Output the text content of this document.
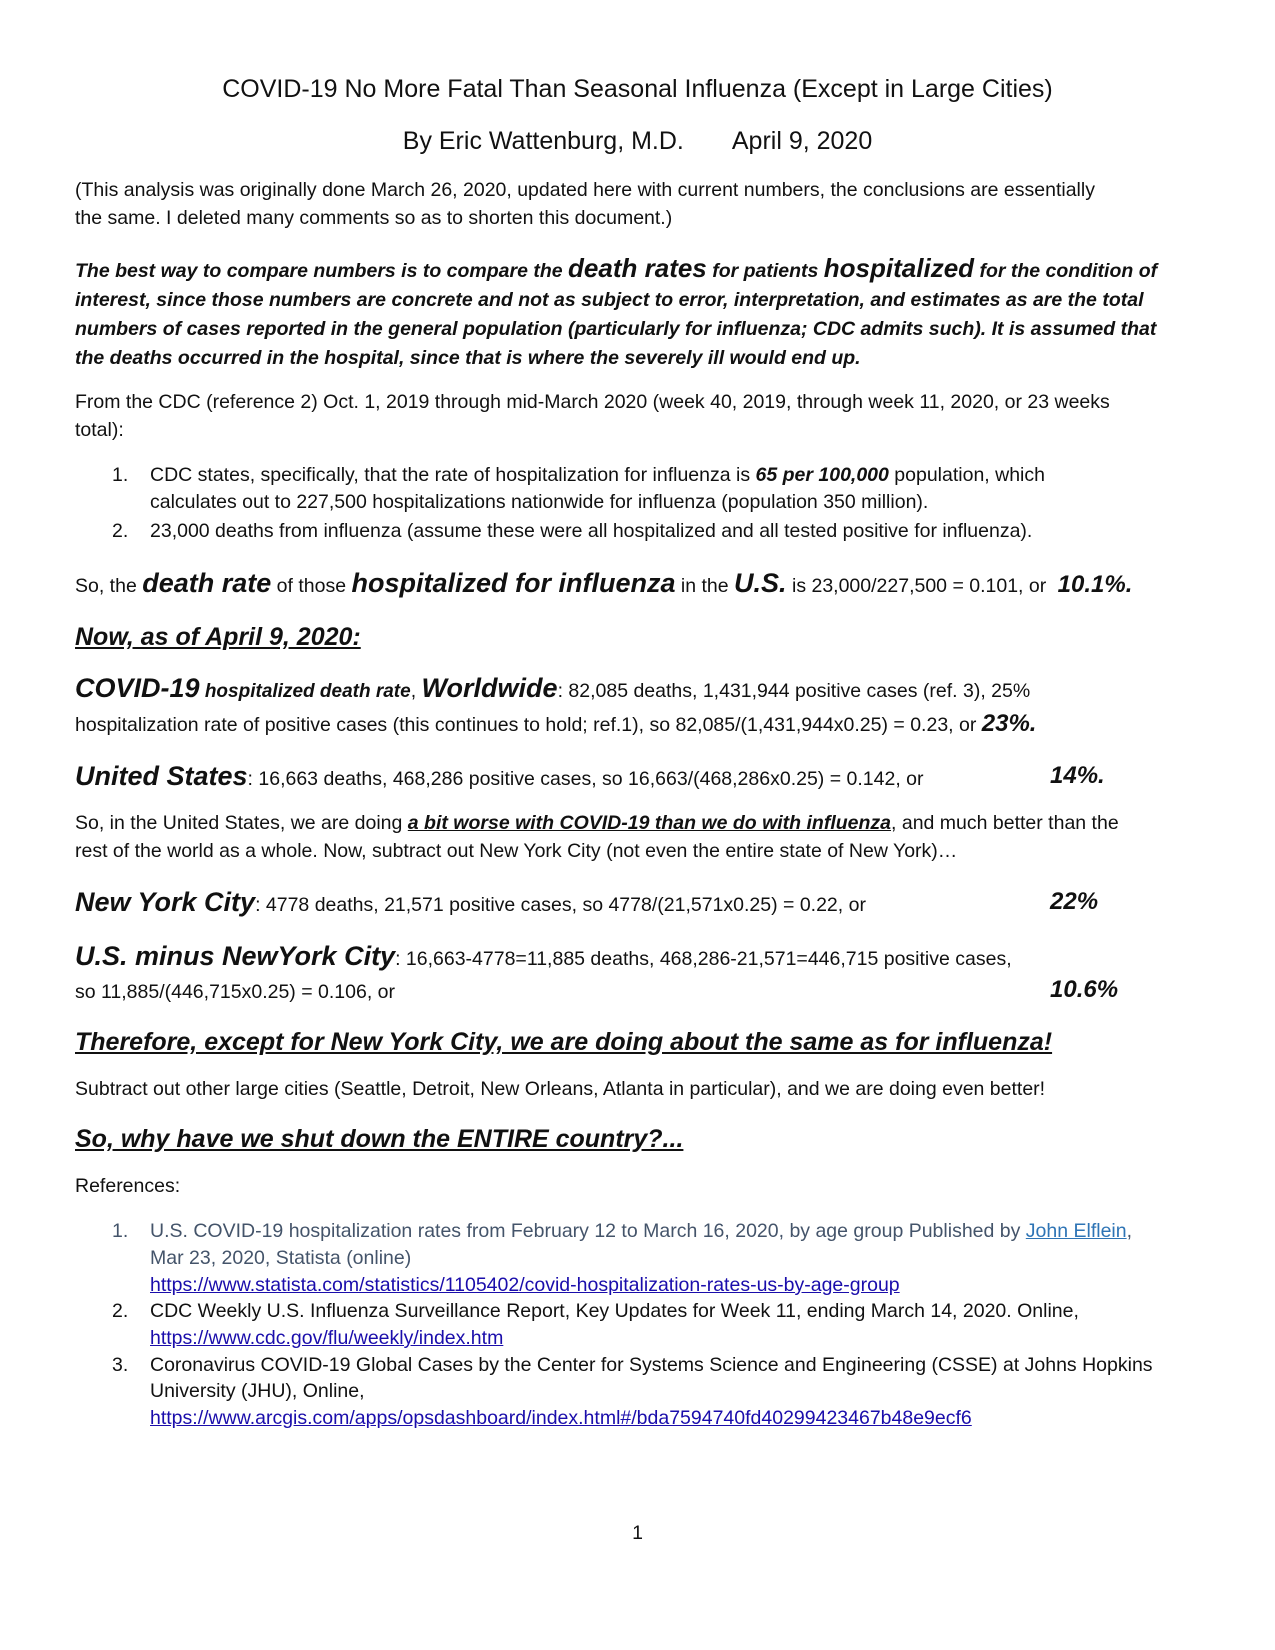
COVID-19 No More Fatal Than Seasonal Influenza (Except in Large Cities)
By Eric Wattenburg, M.D. April 9, 2020
(This analysis was originally done March 26, 2020, updated here with current numbers, the conclusions are essentially
the same. I deleted many comments so as to shorten this document.)
The best way to compare numbers is to compare the death rates for patients hospitalized for the condition of
interest, since those numbers are concrete and not as subject to error, interpretation, and estimates as are the total
numbers of cases reported in the general population (particularly for influenza; CDC admits such). It is assumed that
the deaths occurred in the hospital, since that is where the severely ill would end up.
From the CDC (reference 2) Oct. 1, 2019 through mid-March 2020 (week 40, 2019, through week 11, 2020, or 23 weeks
total):
1.	CDC states, specifically, that the rate of hospitalization for influenza is 65 per 100,000 population, which
calculates out to 227,500 hospitalizations nationwide for influenza (population 350 million).
2.	23,000 deaths from influenza (assume these were all hospitalized and all tested positive for influenza).
So, the death rate of those hospitalized for influenza in the U.S. is 23,000/227,500 = 0.101, or 10.1%.
Now, as of April 9, 2020:
COVID-19 hospitalized death rate, Worldwide: 82,085 deaths, 1,431,944 positive cases (ref. 3), 25%
hospitalization rate of positive cases (this continues to hold; ref.1), so 82,085/(1,431,944x0.25) = 0.23, or 23%.
United States: 16,663 deaths, 468,286 positive cases, so 16,663/(468,286x0.25) = 0.142, or	14%.
So, in the United States, we are doing a bit worse with COVID-19 than we do with influenza, and much better than the
rest of the world as a whole. Now, subtract out New York City (not even the entire state of New York)…
New York City: 4778 deaths, 21,571 positive cases, so 4778/(21,571x0.25) = 0.22, or	22%
U.S. minus NewYork City: 16,663-4778=11,885 deaths, 468,286-21,571=446,715 positive cases,
so 11,885/(446,715x0.25) = 0.106, or	10.6%
Therefore, except for New York City, we are doing about the same as for influenza!
Subtract out other large cities (Seattle, Detroit, New Orleans, Atlanta in particular), and we are doing even better!
So, why have we shut down the ENTIRE country?...
References:
1.	U.S. COVID-19 hospitalization rates from February 12 to March 16, 2020, by age group Published by John Elflein,
Mar 23, 2020, Statista (online)
https://www.statista.com/statistics/1105402/covid-hospitalization-rates-us-by-age-group
2.	CDC Weekly U.S. Influenza Surveillance Report, Key Updates for Week 11, ending March 14, 2020. Online,
https://www.cdc.gov/flu/weekly/index.htm
3.	Coronavirus COVID-19 Global Cases by the Center for Systems Science and Engineering (CSSE) at Johns Hopkins
University (JHU), Online,
https://www.arcgis.com/apps/opsdashboard/index.html#/bda7594740fd40299423467b48e9ecf6
1
